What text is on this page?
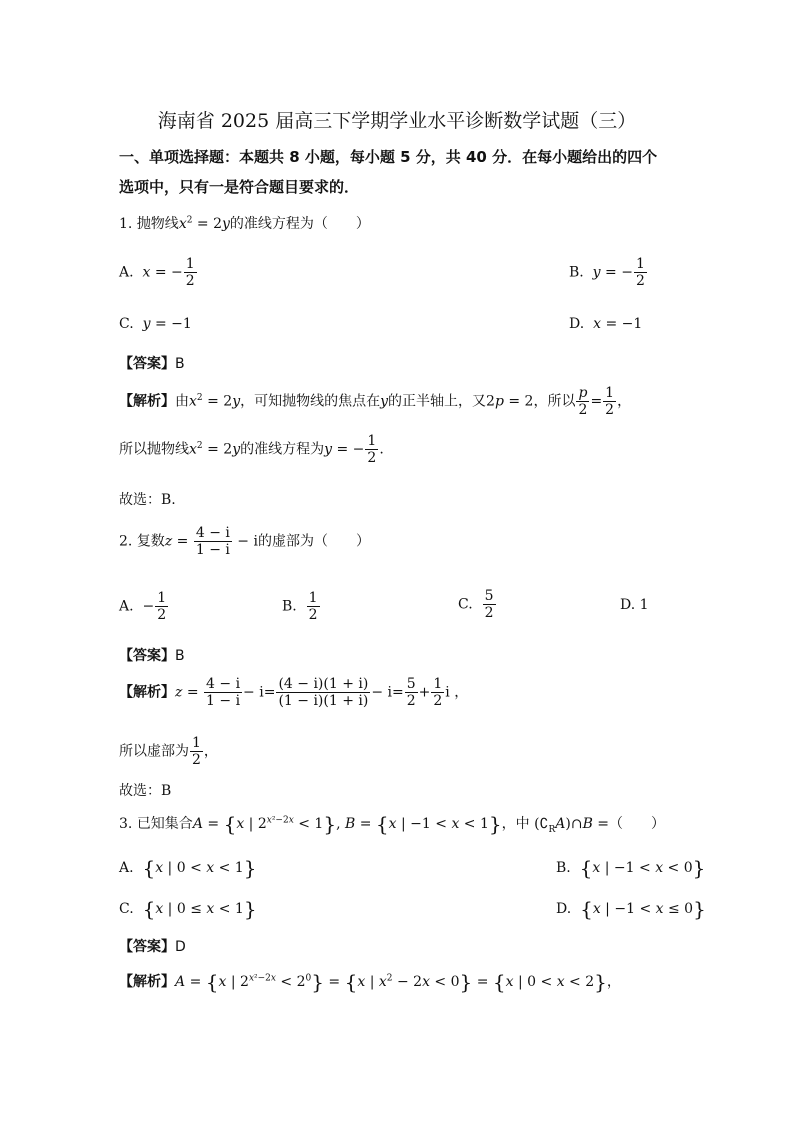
海南省 2025 届高三下学期学业水平诊断数学试题（三）
一、单项选择题：本题共 8 小题，每小题 5 分，共 40 分．在每小题给出的四个
选项中，只有一是符合题目要求的．
1. 抛物线$x^2 = 2y$的准线方程为（　　）
A. x = − $\frac{1}{2}$	B. y = − $\frac{1}{2}$
C. y = −1	D. x = −1
【答案】B
【解析】由$x^2 = 2y$，可知抛物线的焦点在y的正半轴上，又2p = 2，所以 $\frac{p}{2} = \frac{1}{2}$ ，
所以抛物线$x^2 = 2y$的准线方程为y = − $\frac{1}{2}$ .
故选：B.
2. 复数$z = \frac{4 - i}{1 - i} - i$的虚部为（　　）
A.  − $\frac{1}{2}$	B. $\frac{1}{2}$	C. $\frac{5}{2}$	D. 1
【答案】B
【解析】$z = \frac{4 - i}{1 - i} - i= \frac{(4 - i)(1 + i)}{(1 - i)(1 + i)} - i= \frac{5}{2} + \frac{1}{2}$ i ，
所以虚部为 $\frac{1}{2}$ ，
故选：B
3. 已知集合A = {x | $2^{x^2-2x} < 1$}, B = {x | −1 < x < 1}，中 $(∁_RA)\cap B$ =（　　）
A. {x | 0 < x < 1}	B. {x | −1 < x < 0}
C. {x | 0 ≤ x < 1}	D. {x | −1 < x ≤ 0}
【答案】D
【解析】A = {x | $2^{x^2-2x} < 2^0\} = \{x$ | $x^2 - 2x < 0\} = \{x$ | 0 < x < 2}，
